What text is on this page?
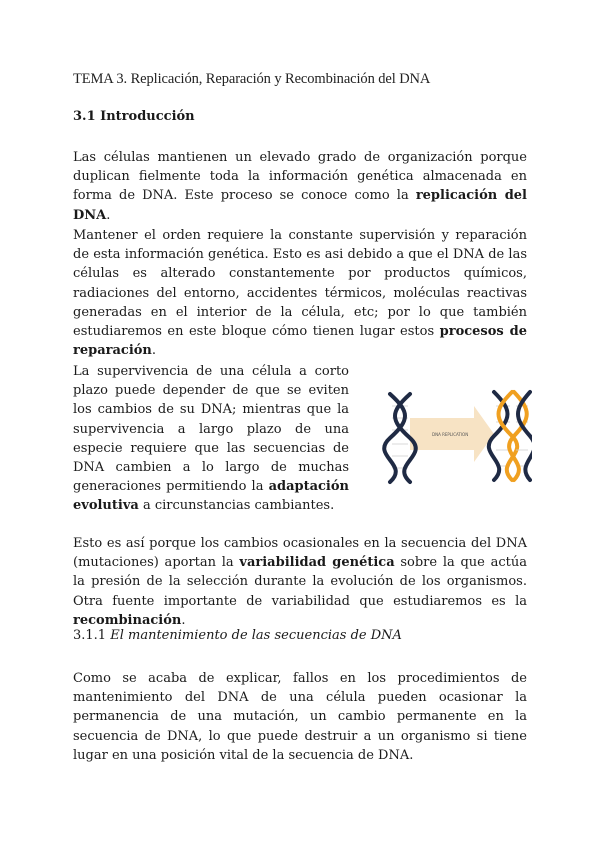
TEMA 3. Replicación, Reparación y Recombinación del DNA
3.1 Introducción

Las células mantienen un elevado grado de organización porque duplican fielmente toda la información genética almacenada en forma de DNA. Este proceso se conoce como la replicación del DNA.

Mantener el orden requiere la constante supervisión y reparación de esta información genética. Esto es asi debido a que el DNA de las células es alterado constantemente por productos químicos, radiaciones del entorno, accidentes térmicos, moléculas reactivas generadas en el interior de la célula, etc; por lo que también estudiaremos en este bloque cómo tienen lugar estos procesos de reparación.

La supervivencia de una célula a corto plazo puede depender de que se eviten los cambios de su DNA; mientras que la supervivencia a largo plazo de una especie requiere que las secuencias de DNA cambien a lo largo de muchas generaciones permitiendo la adaptación evolutiva a circunstancias cambiantes.

DNA REPLICATION

Esto es así porque los cambios ocasionales en la secuencia del DNA (mutaciones) aportan la variabilidad genética sobre la que actúa la presión de la selección durante la evolución de los organismos. Otra fuente importante de variabilidad que estudiaremos es la recombinación.

3.1.1 El mantenimiento de las secuencias de DNA

Como se acaba de explicar, fallos en los procedimientos de mantenimiento del DNA de una célula pueden ocasionar la permanencia de una mutación, un cambio permanente en la secuencia de DNA, lo que puede destruir a un organismo si tiene lugar en una posición vital de la secuencia de DNA.
